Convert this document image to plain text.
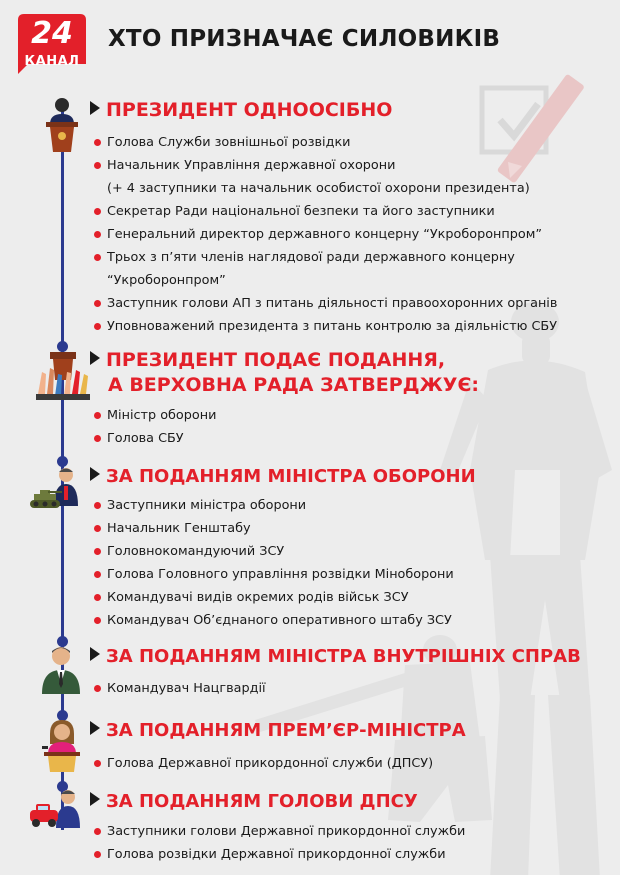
24
КАНАЛ
ХТО ПРИЗНАЧАЄ СИЛОВИКІВ
ПРЕЗИДЕНТ ОДНООСІБНО
Голова Служби зовнішньої розвідки
Начальник Управління державної охорони
(+ 4 заступники та начальник особистої охорони президента)
Секретар Ради національної безпеки та його заступники
Генеральний директор державного концерну “Укроборонпром”
Трьох з п’яти членів наглядової ради державного концерну
“Укроборонпром”
Заступник голови АП з питань діяльності правоохоронних органів
Уповноважений президента з питань контролю за діяльністю СБУ
ПРЕЗИДЕНТ ПОДАЄ ПОДАННЯ,
А ВЕРХОВНА РАДА ЗАТВЕРДЖУЄ:
Міністр оборони
Голова СБУ
ЗА ПОДАННЯМ МІНІСТРА ОБОРОНИ
Заступники міністра оборони
Начальник Генштабу
Головнокомандуючий ЗСУ
Голова Головного управління розвідки Міноборони
Командувачі видів окремих родів військ ЗСУ
Командувач Об’єднаного оперативного штабу ЗСУ
ЗА ПОДАННЯМ МІНІСТРА ВНУТРІШНІХ СПРАВ
Командувач Нацгвардії
ЗА ПОДАННЯМ ПРЕМ’ЄР-МІНІСТРА
Голова Державної прикордонної служби (ДПСУ)
ЗА ПОДАННЯМ ГОЛОВИ ДПСУ
Заступники голови Державної прикордонної служби
Голова розвідки Державної прикордонної служби
